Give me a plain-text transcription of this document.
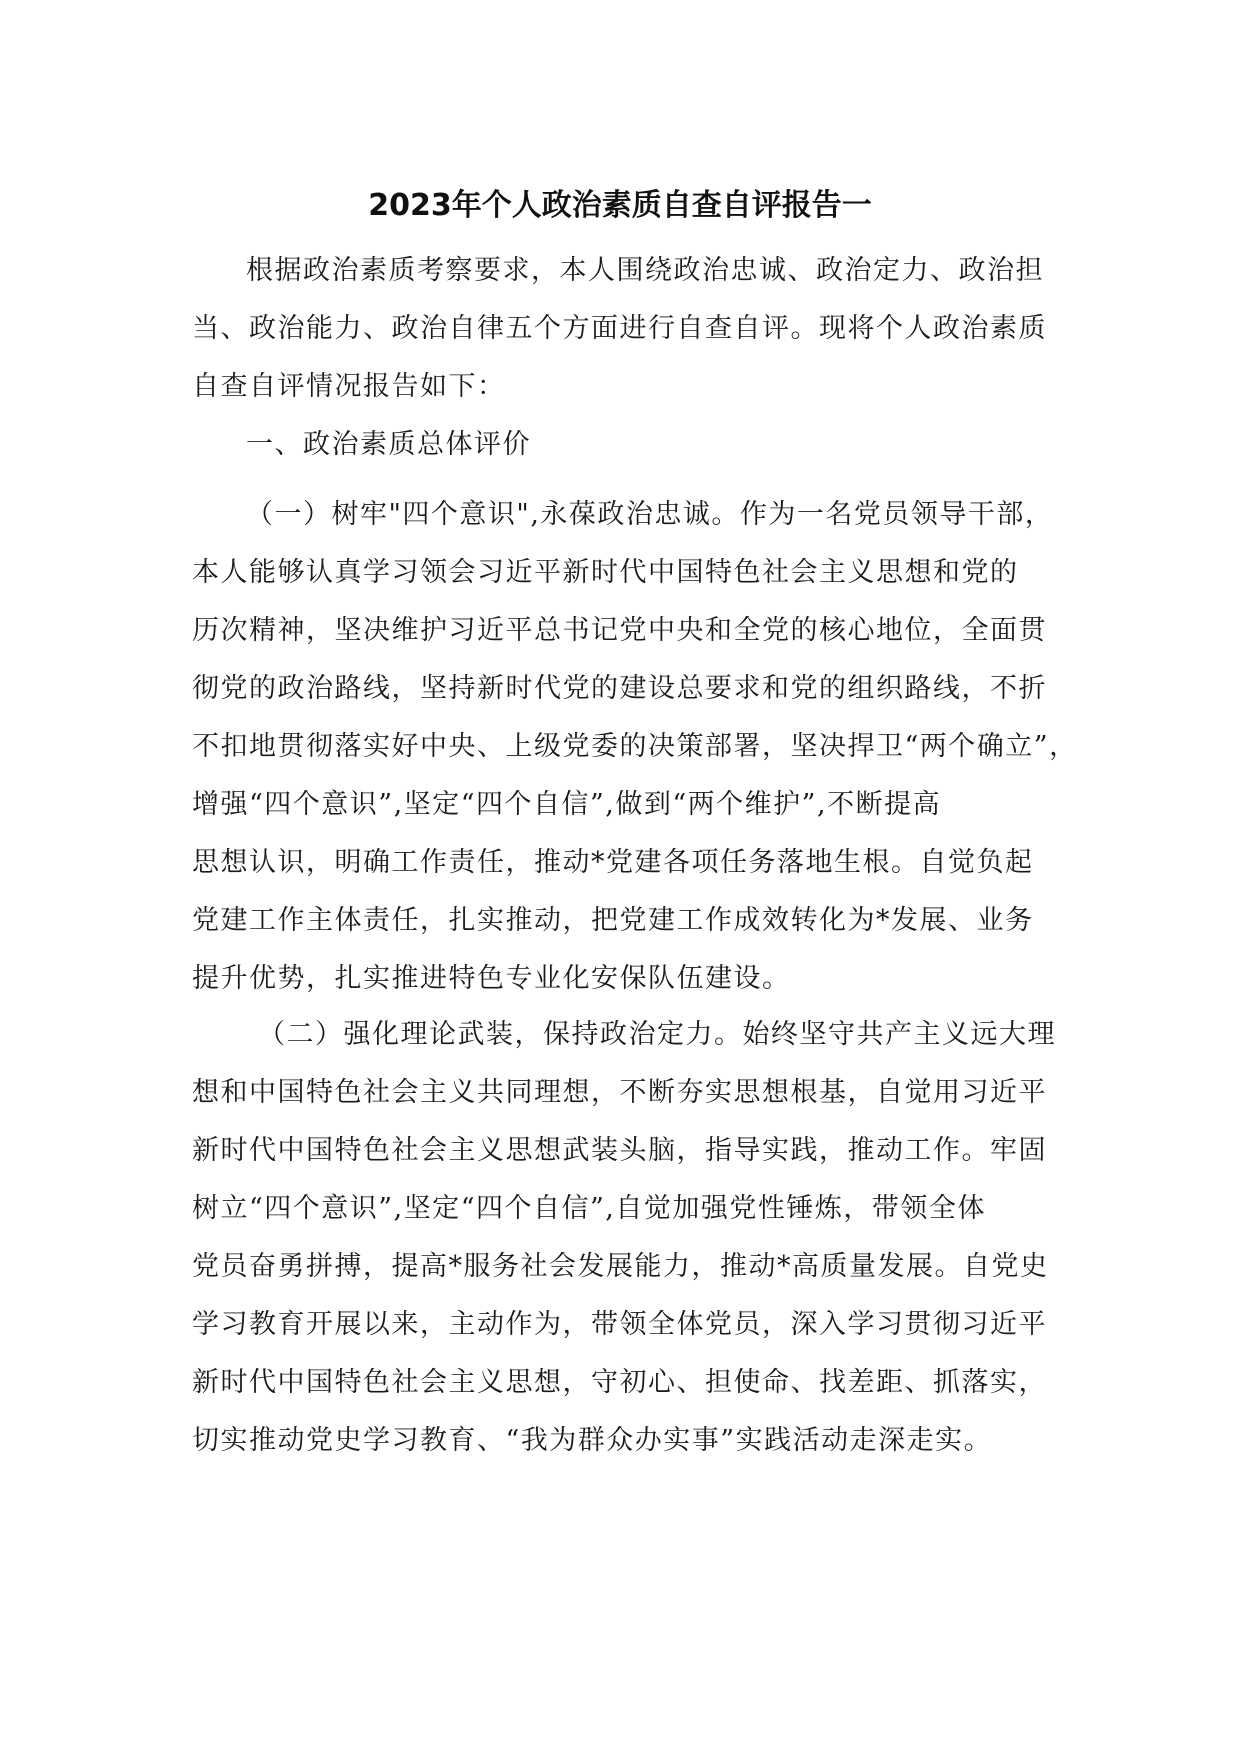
2023年个人政治素质自查自评报告一
根据政治素质考察要求，本人围绕政治忠诚、政治定力、政治担
当、政治能力、政治自律五个方面进行自查自评。现将个人政治素质
自查自评情况报告如下：
一、政治素质总体评价
（一）树牢"四个意识",永葆政治忠诚。作为一名党员领导干部，
本人能够认真学习领会习近平新时代中国特色社会主义思想和党的
历次精神，坚决维护习近平总书记党中央和全党的核心地位，全面贯
彻党的政治路线，坚持新时代党的建设总要求和党的组织路线，不折
不扣地贯彻落实好中央、上级党委的决策部署，坚决捍卫“两个确立”，
增强“四个意识”,坚定“四个自信”,做到“两个维护”,不断提高
思想认识，明确工作责任，推动*党建各项任务落地生根。自觉负起
党建工作主体责任，扎实推动，把党建工作成效转化为*发展、业务
提升优势，扎实推进特色专业化安保队伍建设。
（二）强化理论武装，保持政治定力。始终坚守共产主义远大理
想和中国特色社会主义共同理想，不断夯实思想根基，自觉用习近平
新时代中国特色社会主义思想武装头脑，指导实践，推动工作。牢固
树立“四个意识”,坚定“四个自信”,自觉加强党性锤炼，带领全体
党员奋勇拼搏，提高*服务社会发展能力，推动*高质量发展。自党史
学习教育开展以来，主动作为，带领全体党员，深入学习贯彻习近平
新时代中国特色社会主义思想，守初心、担使命、找差距、抓落实，
切实推动党史学习教育、“我为群众办实事”实践活动走深走实。
